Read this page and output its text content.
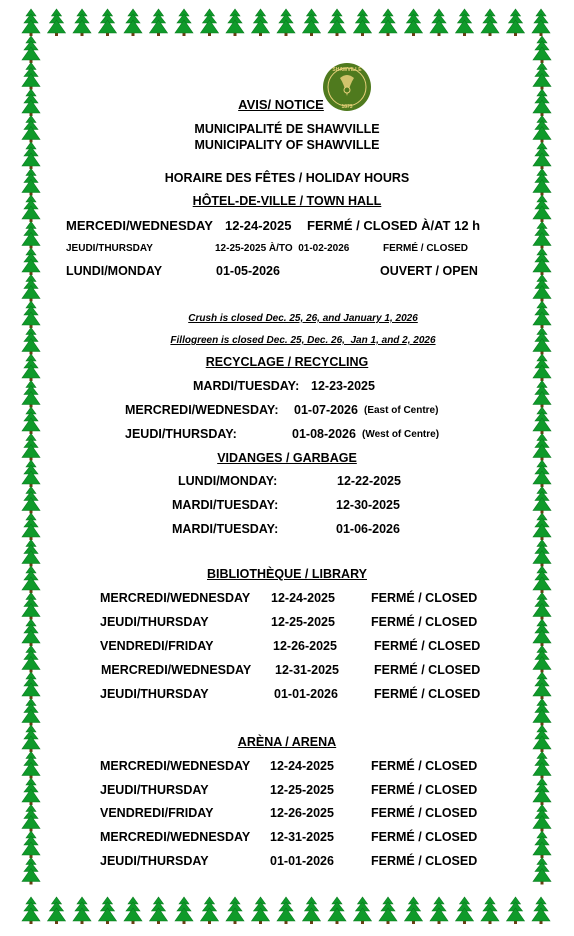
SHAWVILLE
1873
AVIS/ NOTICE
MUNICIPALITÉ DE SHAWVILLE
MUNICIPALITY OF SHAWVILLE
HORAIRE DES FÊTES / HOLIDAY HOURS
HÔTEL-DE-VILLE / TOWN HALL
MERCEDI/WEDNESDAY 12-24-2025 FERMÉ / CLOSED À/AT 12 h
JEUDI/THURSDAY	12-25-2025 À/TO  01-02-2026	FERMÉ / CLOSED
LUNDI/MONDAY	01-05-2026	OUVERT / OPEN
Crush is closed Dec. 25, 26, and January 1, 2026
Fillogreen is closed Dec. 25, Dec. 26,  Jan 1, and 2, 2026
RECYCLAGE / RECYCLING
MARDI/TUESDAY: 12-23-2025
MERCREDI/WEDNESDAY: 01-07-2026 (East of Centre)
JEUDI/THURSDAY:	01-08-2026 (West of Centre)
VIDANGES / GARBAGE
LUNDI/MONDAY:	12-22-2025
MARDI/TUESDAY:	12-30-2025
MARDI/TUESDAY:	01-06-2026
BIBLIOTHÈQUE / LIBRARY
MERCREDI/WEDNESDAY 12-24-2025	FERMÉ / CLOSED
JEUDI/THURSDAY	12-25-2025	FERMÉ / CLOSED
VENDREDI/FRIDAY	12-26-2025	FERMÉ / CLOSED
MERCREDI/WEDNESDAY 12-31-2025	FERMÉ / CLOSED
JEUDI/THURSDAY	01-01-2026	FERMÉ / CLOSED
ARÈNA / ARENA
MERCREDI/WEDNESDAY 12-24-2025	FERMÉ / CLOSED
JEUDI/THURSDAY	12-25-2025	FERMÉ / CLOSED
VENDREDI/FRIDAY	12-26-2025	FERMÉ / CLOSED
MERCREDI/WEDNESDAY 12-31-2025	FERMÉ / CLOSED
JEUDI/THURSDAY	01-01-2026	FERMÉ / CLOSED
